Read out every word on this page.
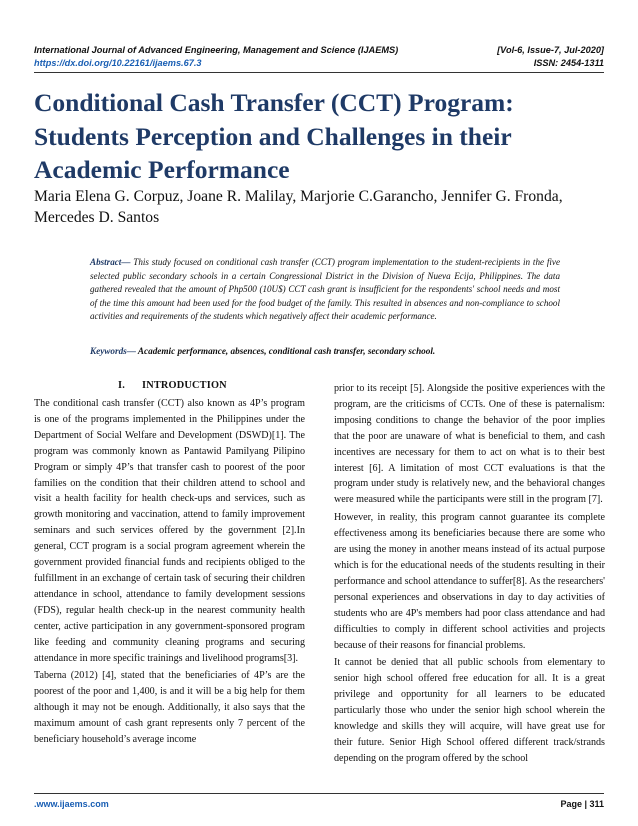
International Journal of Advanced Engineering, Management and Science (IJAEMS)	[Vol-6, Issue-7, Jul-2020]
https://dx.doi.org/10.22161/ijaems.67.3	ISSN: 2454-1311
Conditional Cash Transfer (CCT) Program: Students Perception and Challenges in their Academic Performance

Maria Elena G. Corpuz, Joane R. Malilay, Marjorie C.Garancho, Jennifer G. Fronda, Mercedes D. Santos

Abstract— This study focused on conditional cash transfer (CCT) program implementation to the student-recipients in the five selected public secondary schools in a certain Congressional District in the Division of Nueva Ecija, Philippines. The data gathered revealed that the amount of Php500 (10U$) CCT cash grant is insufficient for the respondents' school needs and most of the time this amount had been used for the food budget of the family. This resulted in absences and non-compliance to school activities and requirements of the students which negatively affect their academic performance.

Keywords— Academic performance, absences, conditional cash transfer, secondary school.

I. INTRODUCTION

The conditional cash transfer (CCT) also known as 4P’s program is one of the programs implemented in the Philippines under the Department of Social Welfare and Development (DSWD)[1]. The program was commonly known as Pantawid Pamilyang Pilipino Program or simply 4P’s that transfer cash to poorest of the poor families on the condition that their children attend to school and visit a health facility for health check-ups and services, such as growth monitoring and vaccination, attend to family improvement seminars and such services offered by the government [2].In general, CCT program is a social program agreement wherein the government provided financial funds and recipients obliged to the fulfillment in an exchange of certain task of securing their children attendance in school, attendance to family development sessions (FDS), regular health check-up in the nearest community health center, active participation in any government-sponsored program like feeding and community cleaning programs and securing attendance in more specific trainings and livelihood programs[3].

Taberna (2012) [4], stated that the beneficiaries of 4P’s are the poorest of the poor and 1,400, is and it will be a big help for them although it may not be enough. Additionally, it also says that the maximum amount of cash grant represents only 7 percent of the beneficiary household’s average income

prior to its receipt [5]. Alongside the positive experiences with the program, are the criticisms of CCTs. One of these is paternalism: imposing conditions to change the behavior of the poor implies that the poor are unaware of what is beneficial to them, and cash incentives are necessary for them to act on what is to their best interest [6]. A limitation of most CCT evaluations is that the program under study is relatively new, and the behavioral changes were measured while the participants were still in the program [7].

However, in reality, this program cannot guarantee its complete effectiveness among its beneficiaries because there are some who are using the money in another means instead of its actual purpose which is for the educational needs of the students resulting in their performance and school attendance to suffer[8]. As the researchers' personal experiences and observations in day to day activities of students who are 4P's members had poor class attendance and had difficulties to comply in different school activities and projects because of their reasons for financial problems.

It cannot be denied that all public schools from elementary to senior high school offered free education for all. It is a great privilege and opportunity for all learners to be educated particularly those who under the senior high school wherein the knowledge and skills they will acquire, will have great use for their future. Senior High School offered different track/strands depending on the program offered by the school

.www.ijaems.com	Page | 311
